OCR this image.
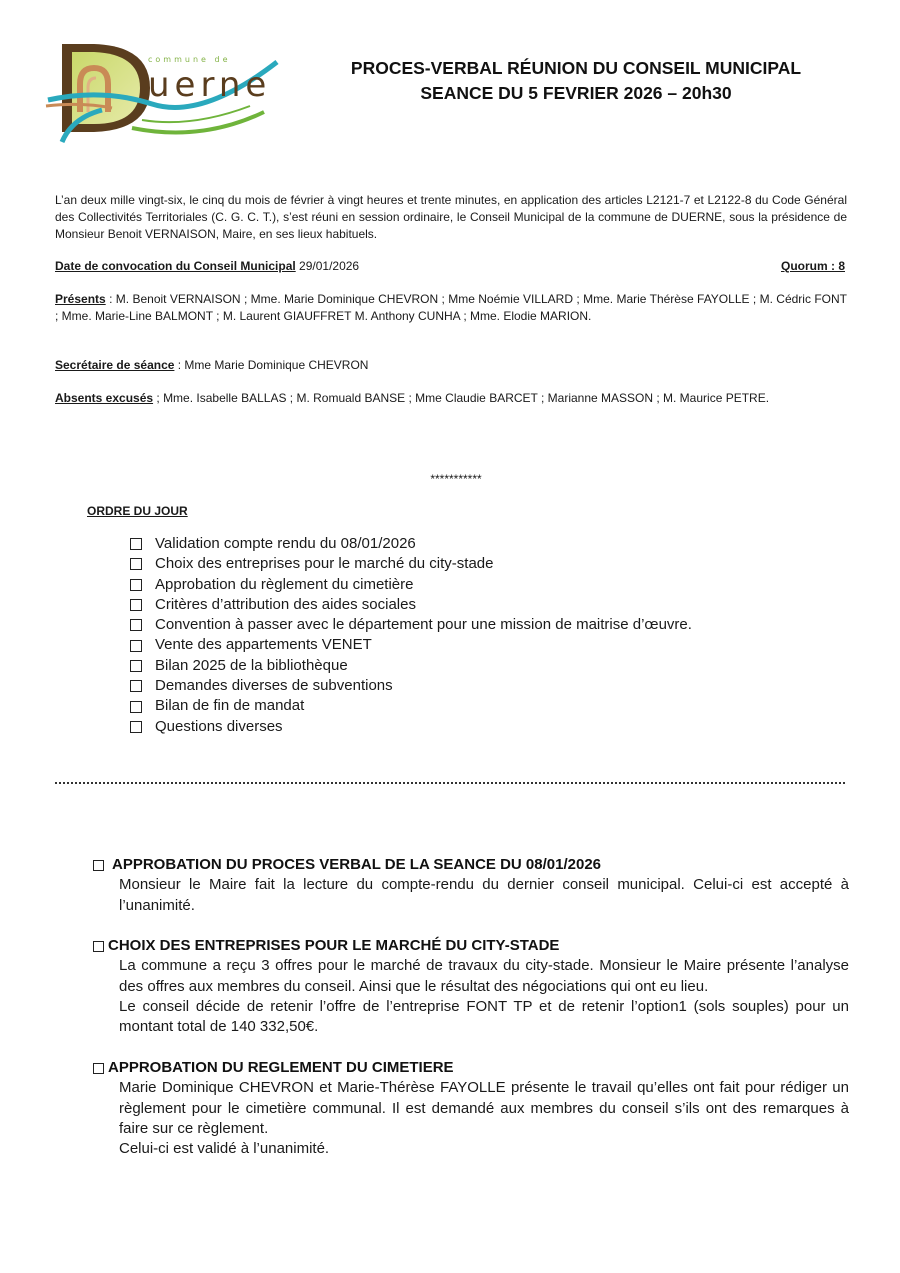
commune de
uerne	PROCES-VERBAL RÉUNION DU CONSEIL MUNICIPAL
SEANCE DU 5 FEVRIER 2026 – 20h30
L’an deux mille vingt-six, le cinq du mois de février à vingt heures et trente minutes, en application des articles L2121-7 et L2122-8 du Code Général des Collectivités Territoriales (C. G. C. T.), s’est réuni en session ordinaire, le Conseil Municipal de la commune de DUERNE, sous la présidence de Monsieur Benoit VERNAISON, Maire, en ses lieux habituels.
Date de convocation du Conseil Municipal 29/01/2026	Quorum : 8
Présents : M. Benoit VERNAISON ; Mme. Marie Dominique CHEVRON ; Mme Noémie VILLARD ; Mme. Marie Thérèse FAYOLLE ; M. Cédric FONT ; Mme. Marie-Line BALMONT ; M. Laurent GIAUFFRET M. Anthony CUNHA ; Mme. Elodie MARION.
Secrétaire de séance : Mme Marie Dominique CHEVRON
Absents excusés ; Mme. Isabelle BALLAS ; M. Romuald BANSE ; Mme Claudie BARCET ; Marianne MASSON ; M. Maurice PETRE.
***********
ORDRE DU JOUR
Validation compte rendu du 08/01/2026
Choix des entreprises pour le marché du city-stade
Approbation du règlement du cimetière
Critères d’attribution des aides sociales
Convention à passer avec le département pour une mission de maitrise d’œuvre.
Vente des appartements VENET
Bilan 2025 de la bibliothèque
Demandes diverses de subventions
Bilan de fin de mandat
Questions diverses
APPROBATION DU PROCES VERBAL DE LA SEANCE DU 08/01/2026

Monsieur le Maire fait la lecture du compte-rendu du dernier conseil municipal. Celui-ci est accepté à l’unanimité.

CHOIX DES ENTREPRISES POUR LE MARCHÉ DU CITY-STADE

La commune a reçu 3 offres pour le marché de travaux du city-stade. Monsieur le Maire présente l’analyse des offres aux membres du conseil. Ainsi que le résultat des négociations qui ont eu lieu.

Le conseil décide de retenir l’offre de l’entreprise FONT TP et de retenir l’option1 (sols souples) pour un montant total de 140 332,50€.

APPROBATION DU REGLEMENT DU CIMETIERE

Marie Dominique CHEVRON et Marie-Thérèse FAYOLLE présente le travail qu’elles ont fait pour rédiger un règlement pour le cimetière communal. Il est demandé aux membres du conseil s’ils ont des remarques à faire sur ce règlement.

Celui-ci est validé à l’unanimité.
